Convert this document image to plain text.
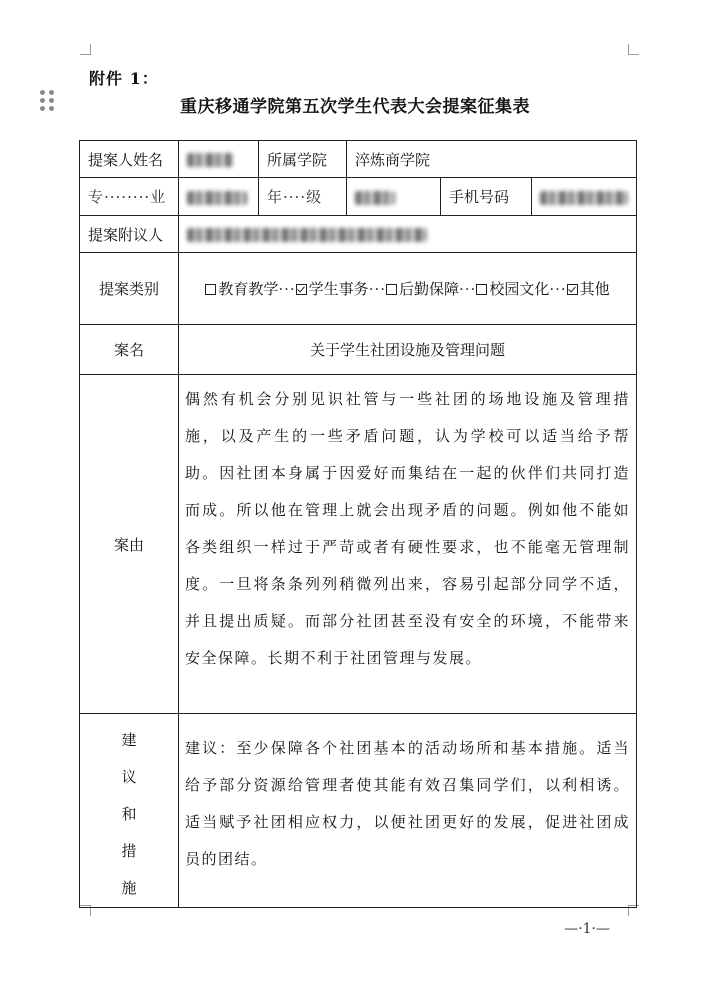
附件 1：
重庆移通学院第五次学生代表大会提案征集表
提案人姓名		所属学院	淬炼商学院		
专········业		年····级		手机号码	
提案附议人					
提案类别	教育教学··· 学生事务··· 后勤保障··· 校园文化··· 其他				
案名	关于学生社团设施及管理问题				
案由	偶然有机会分别见识社管与一些社团的场地设施及管理措施，以及产生的一些矛盾问题，认为学校可以适当给予帮助。因社团本身属于因爱好而集结在一起的伙伴们共同打造而成。所以他在管理上就会出现矛盾的问题。例如他不能如各类组织一样过于严苛或者有硬性要求，也不能毫无管理制度。一旦将条条列列稍微列出来，容易引起部分同学不适，并且提出质疑。而部分社团甚至没有安全的环境，不能带来安全保障。长期不利于社团管理与发展。				

建
议
和
措
施	建议：至少保障各个社团基本的活动场所和基本措施。适当给予部分资源给管理者使其能有效召集同学们，以利相诱。适当赋予社团相应权力，以便社团更好的发展，促进社团成员的团结。				
—·1·—
